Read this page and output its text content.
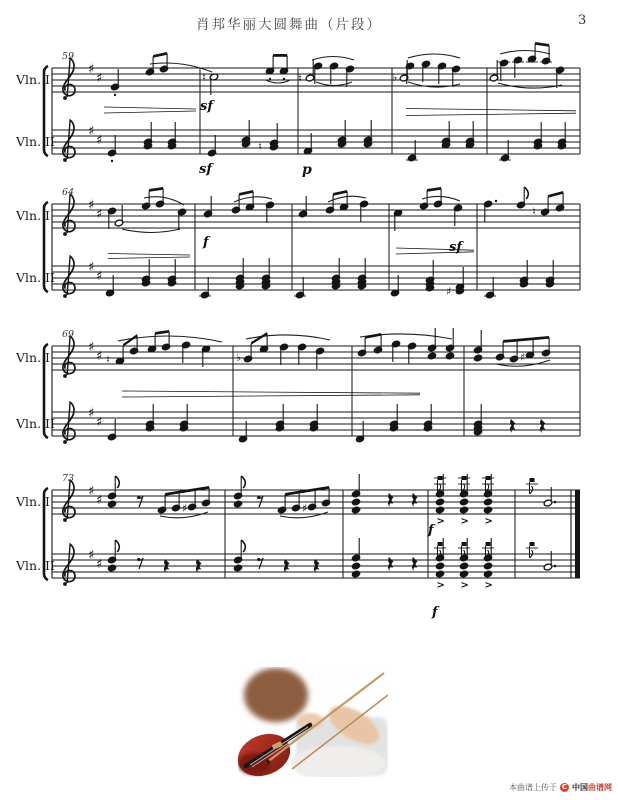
肖邦华丽大圆舞曲（片段）	3
♯
♯
♯
♯
♮	♮	♭
♮
♯
♯
♯
♯
♮
♯
♯
♯
♯
♯
♮	♭	♯
♯
♯
♯
♯
♯	♯
> > >
> > >
本曲谱上传于 C 中国曲谱网
Vln. I
Vln. II
59
sf
sf	p
Vln. I
Vln. II
64
f	sf
Vln. I
Vln. II
69
Vln. I
Vln. II
73
f
f
